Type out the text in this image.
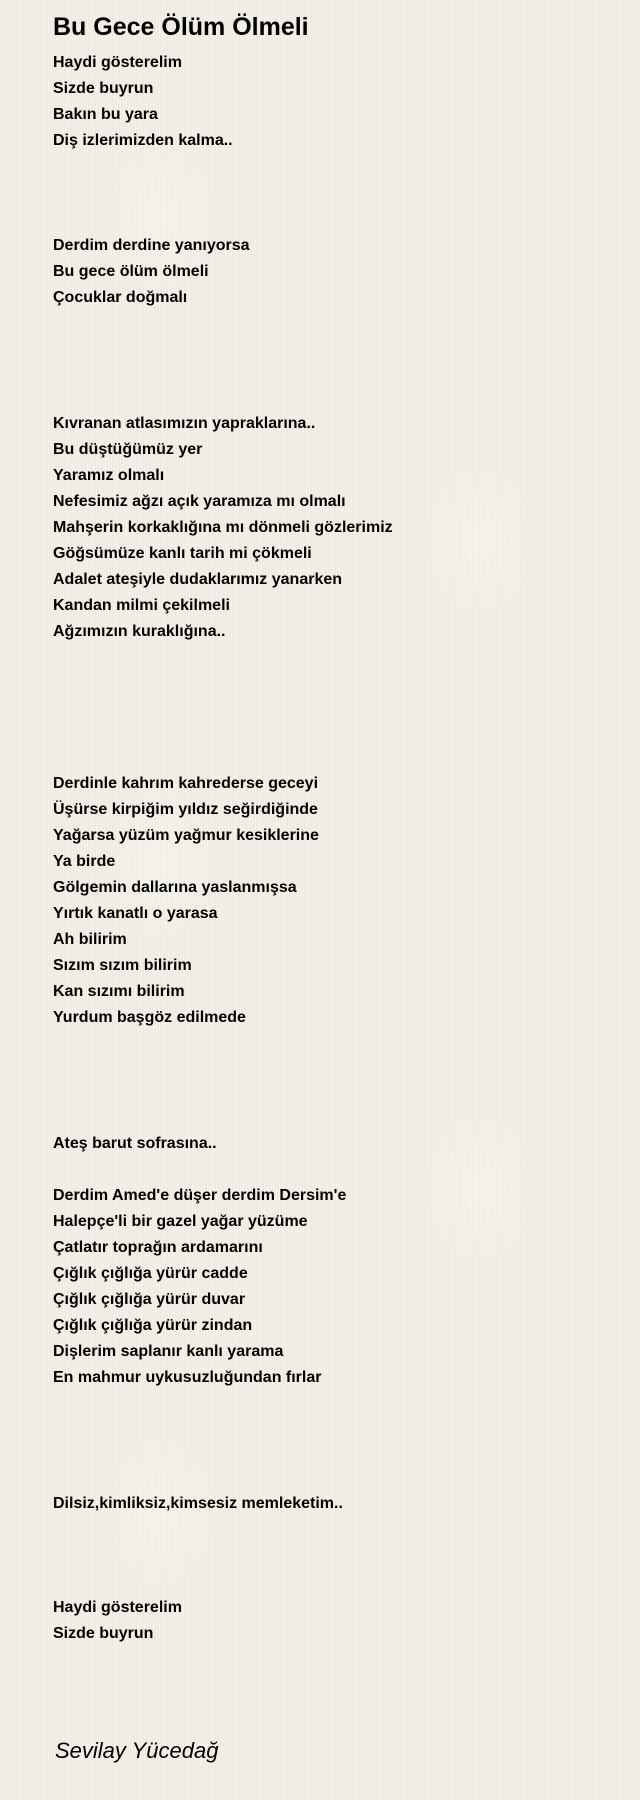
Bu Gece Ölüm Ölmeli
Haydi gösterelim
Sizde buyrun
Bakın bu yara
Diş izlerimizden kalma..
Derdim derdine yanıyorsa
Bu gece ölüm ölmeli
Çocuklar doğmalı
Kıvranan atlasımızın yapraklarına..
Bu düştüğümüz yer
Yaramız olmalı
Nefesimiz ağzı açık yaramıza mı olmalı
Mahşerin korkaklığına mı dönmeli gözlerimiz
Göğsümüze kanlı tarih mi çökmeli
Adalet ateşiyle dudaklarımız yanarken
Kandan milmi çekilmeli
Ağzımızın kuraklığına..
Derdinle kahrım kahrederse geceyi
Üşürse kirpiğim yıldız seğirdiğinde
Yağarsa yüzüm yağmur kesiklerine
Ya birde
Gölgemin dallarına yaslanmışsa
Yırtık kanatlı o yarasa
Ah bilirim
Sızım sızım bilirim
Kan sızımı bilirim
Yurdum başgöz edilmede
Ateş barut sofrasına..
Derdim Amed'e düşer derdim Dersim'e
Halepçe'li bir gazel yağar yüzüme
Çatlatır toprağın ardamarını
Çığlık çığlığa yürür cadde
Çığlık çığlığa yürür duvar
Çığlık çığlığa yürür zindan
Dişlerim saplanır kanlı yarama
En mahmur uykusuzluğundan fırlar
Dilsiz,kimliksiz,kimsesiz memleketim..
Haydi gösterelim
Sizde buyrun
Sevilay Yücedağ
